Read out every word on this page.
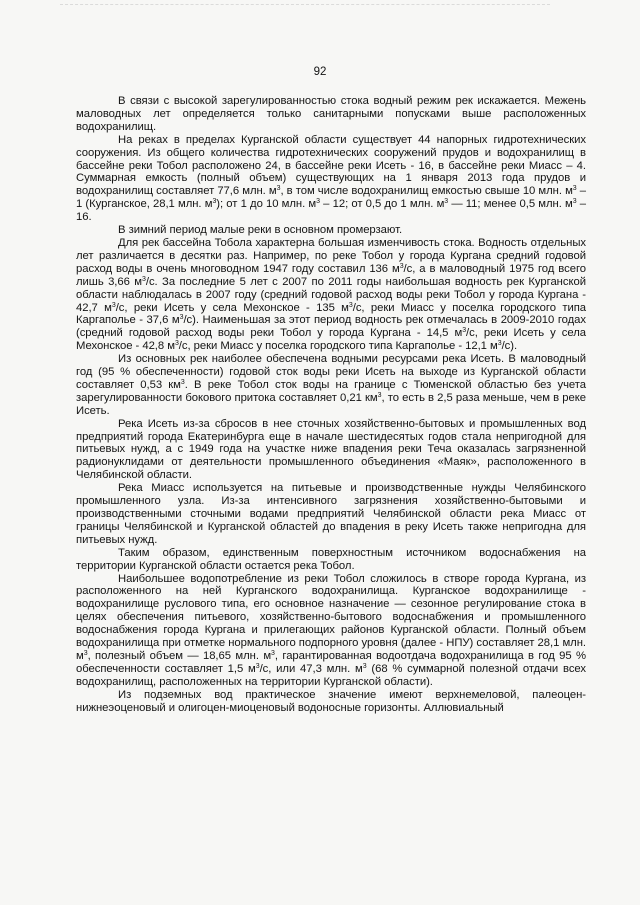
92

В связи с высокой зарегулированностью стока водный режим рек искажается. Межень маловодных лет определяется только санитарными попусками выше расположенных водохранилищ.

На реках в пределах Курганской области существует 44 напорных гидротехнических сооружения. Из общего количества гидротехнических сооружений прудов и водохранилищ в бассейне реки Тобол расположено 24, в бассейне реки Исеть - 16, в бассейне реки Миасс – 4. Суммарная емкость (полный объем) существующих на 1 января 2013 года прудов и водохранилищ составляет 77,6 млн. $м^3$, в том числе водохранилищ емкостью свыше 10 млн. $м^3 - 1$ (Курганское, 28,1 млн. $м^3$); от 1 до 10 млн. $м^3 - 12$; от 0,5 до 1 млн. $м^3$ — 11; менее 0,5 млн. $м^3 - 16$.

В зимний период малые реки в основном промерзают.

Для рек бассейна Тобола характерна большая изменчивость стока. Водность отдельных лет различается в десятки раз. Например, по реке Тобол у города Кургана средний годовой расход воды в очень многоводном 1947 году составил 136 $м^3/с$, а в маловодный 1975 год всего лишь 3,66 $м^3/с$. За последние 5 лет с 2007 по 2011 годы наибольшая водность рек Курганской области наблюдалась в 2007 году (средний годовой расход воды реки Тобол у города Кургана - 42,7 $м^3/с$, реки Исеть у села Мехонское - 135 $м^3/с$, реки Миасс у поселка городского типа Каргаполье - 37,6 $м^3/с$). Наименьшая за этот период водность рек отмечалась в 2009-2010 годах (средний годовой расход воды реки Тобол у города Кургана - 14,5 $м^3/с$, реки Исеть у села Мехонское - 42,8 $м^3/с$, реки Миасс у поселка городского типа Каргаполье - 12,1 $м^3/с$).

Из основных рек наиболее обеспечена водными ресурсами река Исеть. В маловодный год (95 % обеспеченности) годовой сток воды реки Исеть на выходе из Курганской области составляет 0,53 $км^3$. В реке Тобол сток воды на границе с Тюменской областью без учета зарегулированности бокового притока составляет 0,21 $км^3$, то есть в 2,5 раза меньше, чем в реке Исеть.

Река Исеть из-за сбросов в нее сточных хозяйственно-бытовых и промышленных вод предприятий города Екатеринбурга еще в начале шестидесятых годов стала непригодной для питьевых нужд, а с 1949 года на участке ниже впадения реки Теча оказалась загрязненной радионуклидами от деятельности промышленного объединения «Маяк», расположенного в Челябинской области.

Река Миасс используется на питьевые и производственные нужды Челябинского промышленного узла. Из-за интенсивного загрязнения хозяйственно-бытовыми и производственными сточными водами предприятий Челябинской области река Миасс от границы Челябинской и Курганской областей до впадения в реку Исеть также непригодна для питьевых нужд.

Таким образом, единственным поверхностным источником водоснабжения на территории Курганской области остается река Тобол.

Наибольшее водопотребление из реки Тобол сложилось в створе города Кургана, из расположенного на ней Курганского водохранилища. Курганское водохранилище - водохранилище руслового типа, его основное назначение — сезонное регулирование стока в целях обеспечения питьевого, хозяйственно-бытового водоснабжения и промышленного водоснабжения города Кургана и прилегающих районов Курганской области. Полный объем водохранилища при отметке нормального подпорного уровня (далее - НПУ) составляет 28,1 млн. $м^3$, полезный объем — 18,65 млн. $м^3$, гарантированная водоотдача водохранилища в год 95 % обеспеченности составляет 1,5 $м^3/с$, или 47,3 млн. $м^3$ (68 % суммарной полезной отдачи всех водохранилищ, расположенных на территории Курганской области).

Из подземных вод практическое значение имеют верхнемеловой, палеоцен-нижнеэоценовый и олигоцен-миоценовый водоносные горизонты. Аллювиальный
